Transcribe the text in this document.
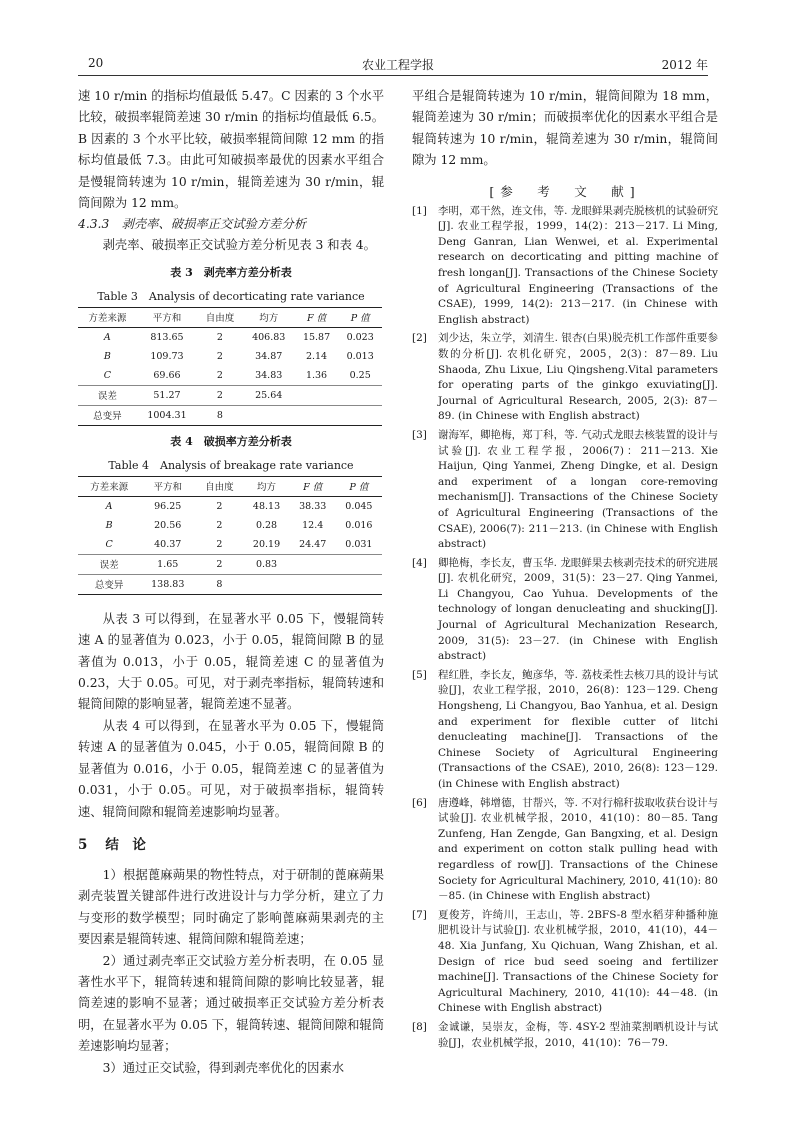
20	农业工程学报	2012 年

速 10 r/min 的指标均值最低 5.47。C 因素的 3 个水平比较，破损率辊筒差速 30 r/min 的指标均值最低 6.5。B 因素的 3 个水平比较，破损率辊筒间隙 12 mm 的指标均值最低 7.3。由此可知破损率最优的因素水平组合是慢辊筒转速为 10 r/min，辊筒差速为 30 r/min，辊筒间隙为 12 mm。

4.3.3　剥壳率、破损率正交试验方差分析

剥壳率、破损率正交试验方差分析见表 3 和表 4。

表 3　剥壳率方差分析表

Table 3　Analysis of decorticating rate variance

方差来源	平方和	自由度	均方	F 值	P 值
A	813.65	2	406.83	15.87	0.023
B	109.73	2	34.87	2.14	0.013
C	69.66	2	34.83	1.36	0.25
误差	51.27	2	25.64		
总变异	1004.31	8			

表 4　破损率方差分析表

Table 4　Analysis of breakage rate variance

方差来源	平方和	自由度	均方	F 值	P 值
A	96.25	2	48.13	38.33	0.045
B	20.56	2	0.28	12.4	0.016
C	40.37	2	20.19	24.47	0.031
误差	1.65	2	0.83		
总变异	138.83	8			

从表 3 可以得到，在显著水平 0.05 下，慢辊筒转速 A 的显著值为 0.023，小于 0.05，辊筒间隙 B 的显著值为 0.013，小于 0.05，辊筒差速 C 的显著值为 0.23，大于 0.05。可见，对于剥壳率指标，辊筒转速和辊筒间隙的影响显著，辊筒差速不显著。

从表 4 可以得到，在显著水平为 0.05 下，慢辊筒转速 A 的显著值为 0.045，小于 0.05，辊筒间隙 B 的显著值为 0.016，小于 0.05，辊筒差速 C 的显著值为 0.031，小于 0.05。可见，对于破损率指标，辊筒转速、辊筒间隙和辊筒差速影响均显著。

5 结　论

1）根据蓖麻蒴果的物性特点，对于研制的蓖麻蒴果剥壳装置关键部件进行改进设计与力学分析，建立了力与变形的数学模型；同时确定了影响蓖麻蒴果剥壳的主要因素是辊筒转速、辊筒间隙和辊筒差速；

2）通过剥壳率正交试验方差分析表明，在 0.05 显著性水平下，辊筒转速和辊筒间隙的影响比较显著，辊筒差速的影响不显著；通过破损率正交试验方差分析表明，在显著水平为 0.05 下，辊筒转速、辊筒间隙和辊筒差速影响均显著；

3）通过正交试验，得到剥壳率优化的因素水

平组合是辊筒转速为 10 r/min，辊筒间隙为 18 mm，辊筒差速为 30 r/min；而破损率优化的因素水平组合是辊筒转速为 10 r/min，辊筒差速为 30 r/min，辊筒间隙为 12 mm。

[参　考　文　献]

[1]	李明，邓干然，连文伟，等. 龙眼鲜果剥壳脱核机的试验研究[J]. 农业工程学报，1999，14(2)：213－217. Li Ming, Deng Ganran, Lian Wenwei, et al. Experimental research on decorticating and pitting machine of fresh longan[J]. Transactions of the Chinese Society of Agricultural Engineering (Transactions of the CSAE), 1999, 14(2): 213－217. (in Chinese with English abstract)
[2]	刘少达，朱立学，刘清生. 银杏(白果)脱壳机工作部件重要参数的分析[J]. 农机化研究，2005，2(3)：87－89. Liu Shaoda, Zhu Lixue, Liu Qingsheng.Vital parameters for operating parts of the ginkgo exuviating[J]. Journal of Agricultural Research, 2005, 2(3): 87－89. (in Chinese with English abstract)
[3]	谢海军，卿艳梅，郑丁科，等. 气动式龙眼去核装置的设计与试验[J]. 农业工程学报，2006(7)：211－213. Xie Haijun, Qing Yanmei, Zheng Dingke, et al. Design and experiment of a longan core-removing mechanism[J]. Transactions of the Chinese Society of Agricultural Engineering (Transactions of the CSAE), 2006(7): 211－213. (in Chinese with English abstract)
[4]	卿艳梅，李长友，曹玉华. 龙眼鲜果去核剥壳技术的研究进展[J]. 农机化研究，2009，31(5)：23－27. Qing Yanmei, Li Changyou, Cao Yuhua. Developments of the technology of longan denucleating and shucking[J]. Journal of Agricultural Mechanization Research, 2009, 31(5): 23－27. (in Chinese with English abstract)
[5]	程红胜，李长友，鲍彦华，等. 荔枝柔性去核刀具的设计与试验[J]，农业工程学报，2010，26(8)：123－129. Cheng Hongsheng, Li Changyou, Bao Yanhua, et al. Design and experiment for flexible cutter of litchi denucleating machine[J]. Transactions of the Chinese Society of Agricultural Engineering (Transactions of the CSAE), 2010, 26(8): 123－129. (in Chinese with English abstract)
[6]	唐遵峰，韩增德，甘帮兴，等. 不对行棉秆拔取收获台设计与试验[J]. 农业机械学报，2010，41(10)：80－85. Tang Zunfeng, Han Zengde, Gan Bangxing, et al. Design and experiment on cotton stalk pulling head with regardless of row[J]. Transactions of the Chinese Society for Agricultural Machinery, 2010, 41(10): 80－85. (in Chinese with English abstract)
[7]	夏俊芳，许绮川，王志山，等. 2BFS-8 型水稻芽种播种施肥机设计与试验[J]. 农业机械学报，2010，41(10)，44－48. Xia Junfang, Xu Qichuan, Wang Zhishan, et al. Design of rice bud seed soeing and fertilizer machine[J]. Transactions of the Chinese Society for Agricultural Machinery, 2010, 41(10): 44－48. (in Chinese with English abstract)
[8]	金诚谦，吴崇友，金梅，等. 4SY-2 型油菜割晒机设计与试验[J]，农业机械学报，2010，41(10)：76－79.
